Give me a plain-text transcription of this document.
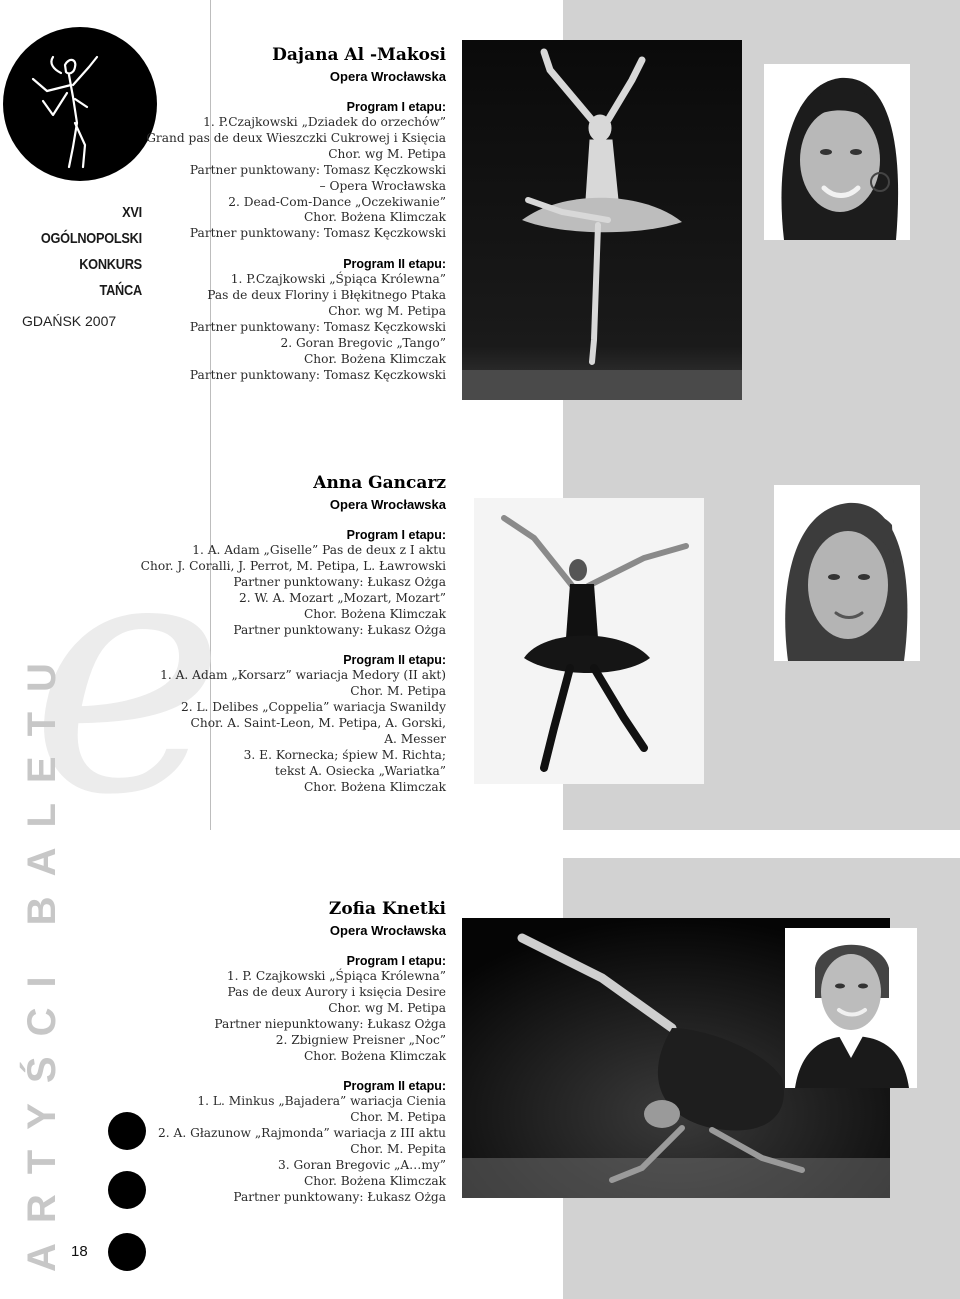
e
XVI
OGÓLNOPOLSKI
KONKURS
TAŃCA
GDAŃSK 2007
Dajana Al -Makosi
Opera Wrocławska
Program I etapu:
1. P.Czajkowski „Dziadek do orzechów”
Grand pas de deux Wieszczki Cukrowej i Księcia
Chor. wg M. Petipa
Partner punktowany: Tomasz Kęczkowski
– Opera Wrocławska
2. Dead-Com-Dance „Oczekiwanie”
Chor. Bożena Klimczak
Partner punktowany: Tomasz Kęczkowski
Program II etapu:
1. P.Czajkowski „Śpiąca Królewna”
Pas de deux Floriny i Błękitnego Ptaka
Chor. wg M. Petipa
Partner punktowany: Tomasz Kęczkowski
2. Goran Bregovic „Tango”
Chor. Bożena Klimczak
Partner punktowany: Tomasz Kęczkowski
Anna Gancarz
Opera Wrocławska
Program I etapu:
1. A. Adam „Giselle” Pas de deux z I aktu
Chor. J. Coralli, J. Perrot, M. Petipa, L. Ławrowski
Partner punktowany: Łukasz Ożga
2. W. A. Mozart „Mozart, Mozart”
Chor. Bożena Klimczak
Partner punktowany: Łukasz Ożga
Program II etapu:
1. A. Adam „Korsarz” wariacja Medory (II akt)
Chor. M. Petipa
2. L. Delibes „Coppelia” wariacja Swanildy
Chor. A. Saint-Leon, M. Petipa, A. Gorski,
A. Messer
3. E. Kornecka; śpiew M. Richta;
tekst A. Osiecka „Wariatka”
Chor. Bożena Klimczak
Zofia Knetki
Opera Wrocławska
Program I etapu:
1. P. Czajkowski „Śpiąca Królewna”
Pas de deux Aurory i księcia Desire
Chor. wg M. Petipa
Partner niepunktowany: Łukasz Ożga
2. Zbigniew Preisner „Noc”
Chor. Bożena Klimczak
Program II etapu:
1. L. Minkus „Bajadera” wariacja Cienia
Chor. M. Petipa
2. A. Głazunow „Rajmonda” wariacja z III aktu
Chor. M. Pepita
3. Goran Bregovic „A…my”
Chor. Bożena Klimczak
Partner punktowany: Łukasz Ożga
ARTYŚCI BALETU 18
